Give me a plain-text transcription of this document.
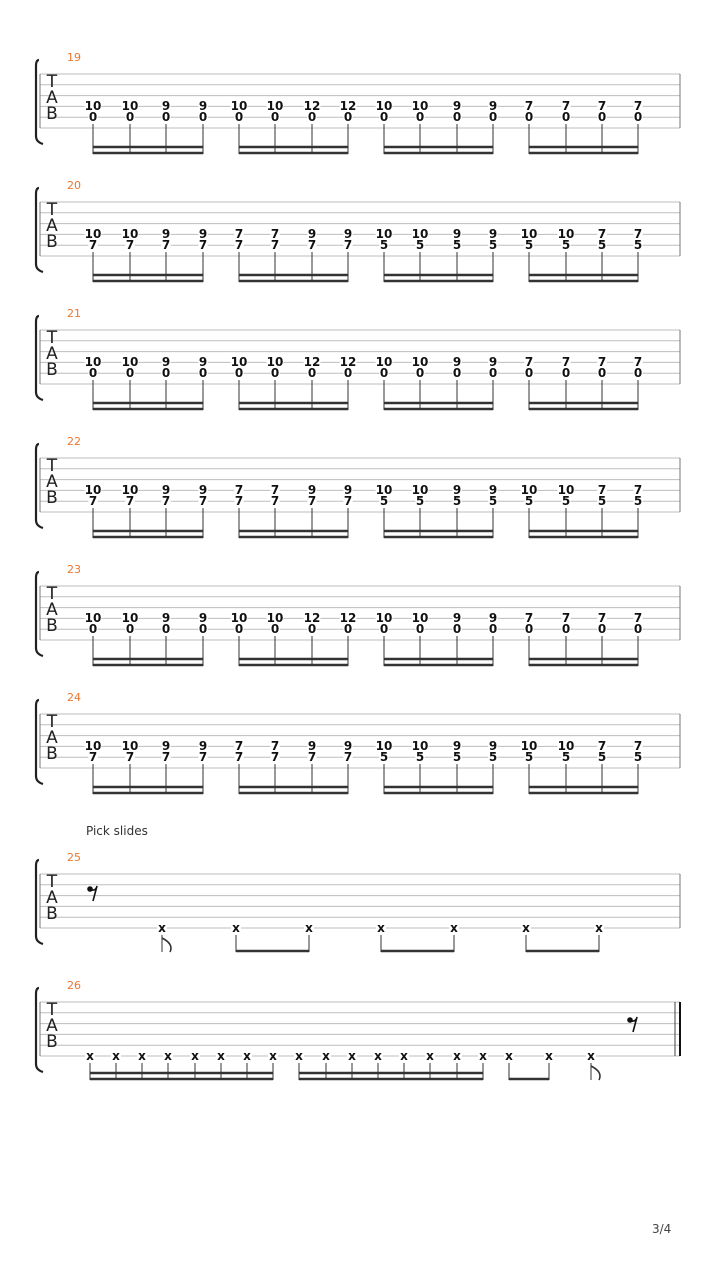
19
T
A
B 10
0
10
0
9
0
9
0
10
0
10
0
12
0
12
0
10
0
10
0
9
0
9
0
7
0
7
0
7
0
7
0
20
T
A
B 10
7
10
7
9
7
9
7
7
7
7
7
9
7
9
7
10
5
10
5
9
5
9
5
10
5
10
5
7
5
7
5
21
T
A
B 10
0
10
0
9
0
9
0
10
0
10
0
12
0
12
0
10
0
10
0
9
0
9
0
7
0
7
0
7
0
7
0
22
T
A
B 10
7
10
7
9
7
9
7
7
7
7
7
9
7
9
7
10
5
10
5
9
5
9
5
10
5
10
5
7
5
7
5
23
T
A
B 10
0
10
0
9
0
9
0
10
0
10
0
12
0
12
0
10
0
10
0
9
0
9
0
7
0
7
0
7
0
7
0
24
T
A
B 10
7
10
7
9
7
9
7
7
7
7
7
9
7
9
7
10
5
10
5
9
5
9
5
10
5
10
5
7
5
7
5
Pick slides
25
T
A
B
x	x	x	x	x	x	x
26
T
A
B
x x x x x x x x x x x x x x x x x	x	x
3/4
